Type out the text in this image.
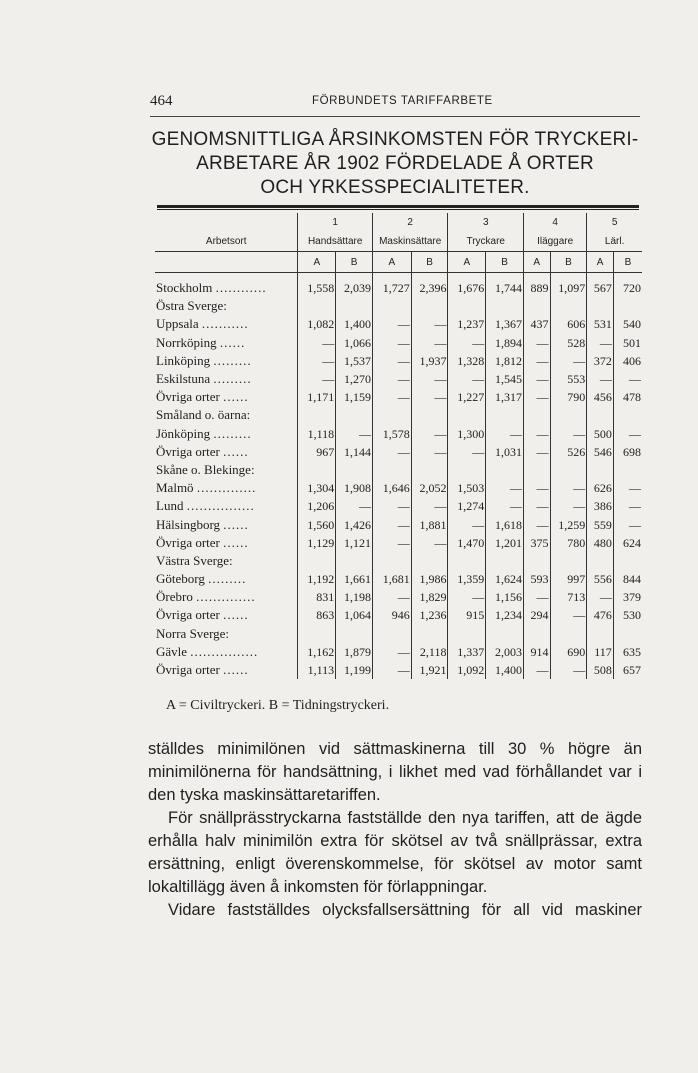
464	FÖRBUNDETS TARIFFARBETE
GENOMSNITTLIGA ÅRSINKOMSTEN FÖR TRYCKERI-
ARBETARE ÅR 1902 FÖRDELADE Å ORTER
OCH YRKESSPECIALITETER.
	1		2		3		4		5	
Arbetsort	Handsättare		Maskinsättare		Tryckare		Iläggare		Lärl.	
	A	B	A	B	A	B	A	B	A	B
Stockholm ............	1,558	2,039	1,727	2,396	1,676	1,744	889	1,097	567	720
Östra Sverge:										
Uppsala ...........	1,082	1,400	—	—	1,237	1,367	437	606	531	540
Norrköping ......	—	1,066	—	—	—	1,894	—	528	—	501
Linköping .........	—	1,537	—	1,937	1,328	1,812	—	—	372	406
Eskilstuna .........	—	1,270	—	—	—	1,545	—	553	—	—
Övriga orter ......	1,171	1,159	—	—	1,227	1,317	—	790	456	478
Småland o. öarna:										
Jönköping .........	1,118	—	1,578	—	1,300	—	—	—	500	—
Övriga orter ......	967	1,144	—	—	—	1,031	—	526	546	698
Skåne o. Blekinge:										
Malmö ..............	1,304	1,908	1,646	2,052	1,503	—	—	—	626	—
Lund ................	1,206	—	—	—	1,274	—	—	—	386	—
Hälsingborg ......	1,560	1,426	—	1,881	—	1,618	—	1,259	559	—
Övriga orter ......	1,129	1,121	—	—	1,470	1,201	375	780	480	624
Västra Sverge:										
Göteborg .........	1,192	1,661	1,681	1,986	1,359	1,624	593	997	556	844
Örebro ..............	831	1,198	—	1,829	—	1,156	—	713	—	379
Övriga orter ......	863	1,064	946	1,236	915	1,234	294	—	476	530
Norra Sverge:										
Gävle ................	1,162	1,879	—	2,118	1,337	2,003	914	690	117	635
Övriga orter ......	1,113	1,199	—	1,921	1,092	1,400	—	—	508	657
A = Civiltryckeri. B = Tidningstryckeri.

ställdes minimilönen vid sättmaskinerna till 30 % högre än minimilönerna för handsättning, i likhet med vad förhållandet var i den tyska maskinsättaretariffen.

För snällprässtryckarna fastställde den nya tariffen, att de ägde erhålla halv minimilön extra för skötsel av två snällprässar, extra ersättning, enligt överenskommelse, för skötsel av motor samt lokaltillägg även å inkomsten för förlappningar.

Vidare fastställdes olycksfallsersättning för all vid maskiner
